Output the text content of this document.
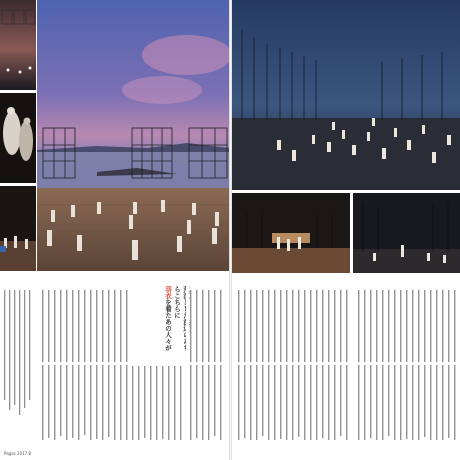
らこちらに
羽衣を着たあの人々が
Pages 2017.8
